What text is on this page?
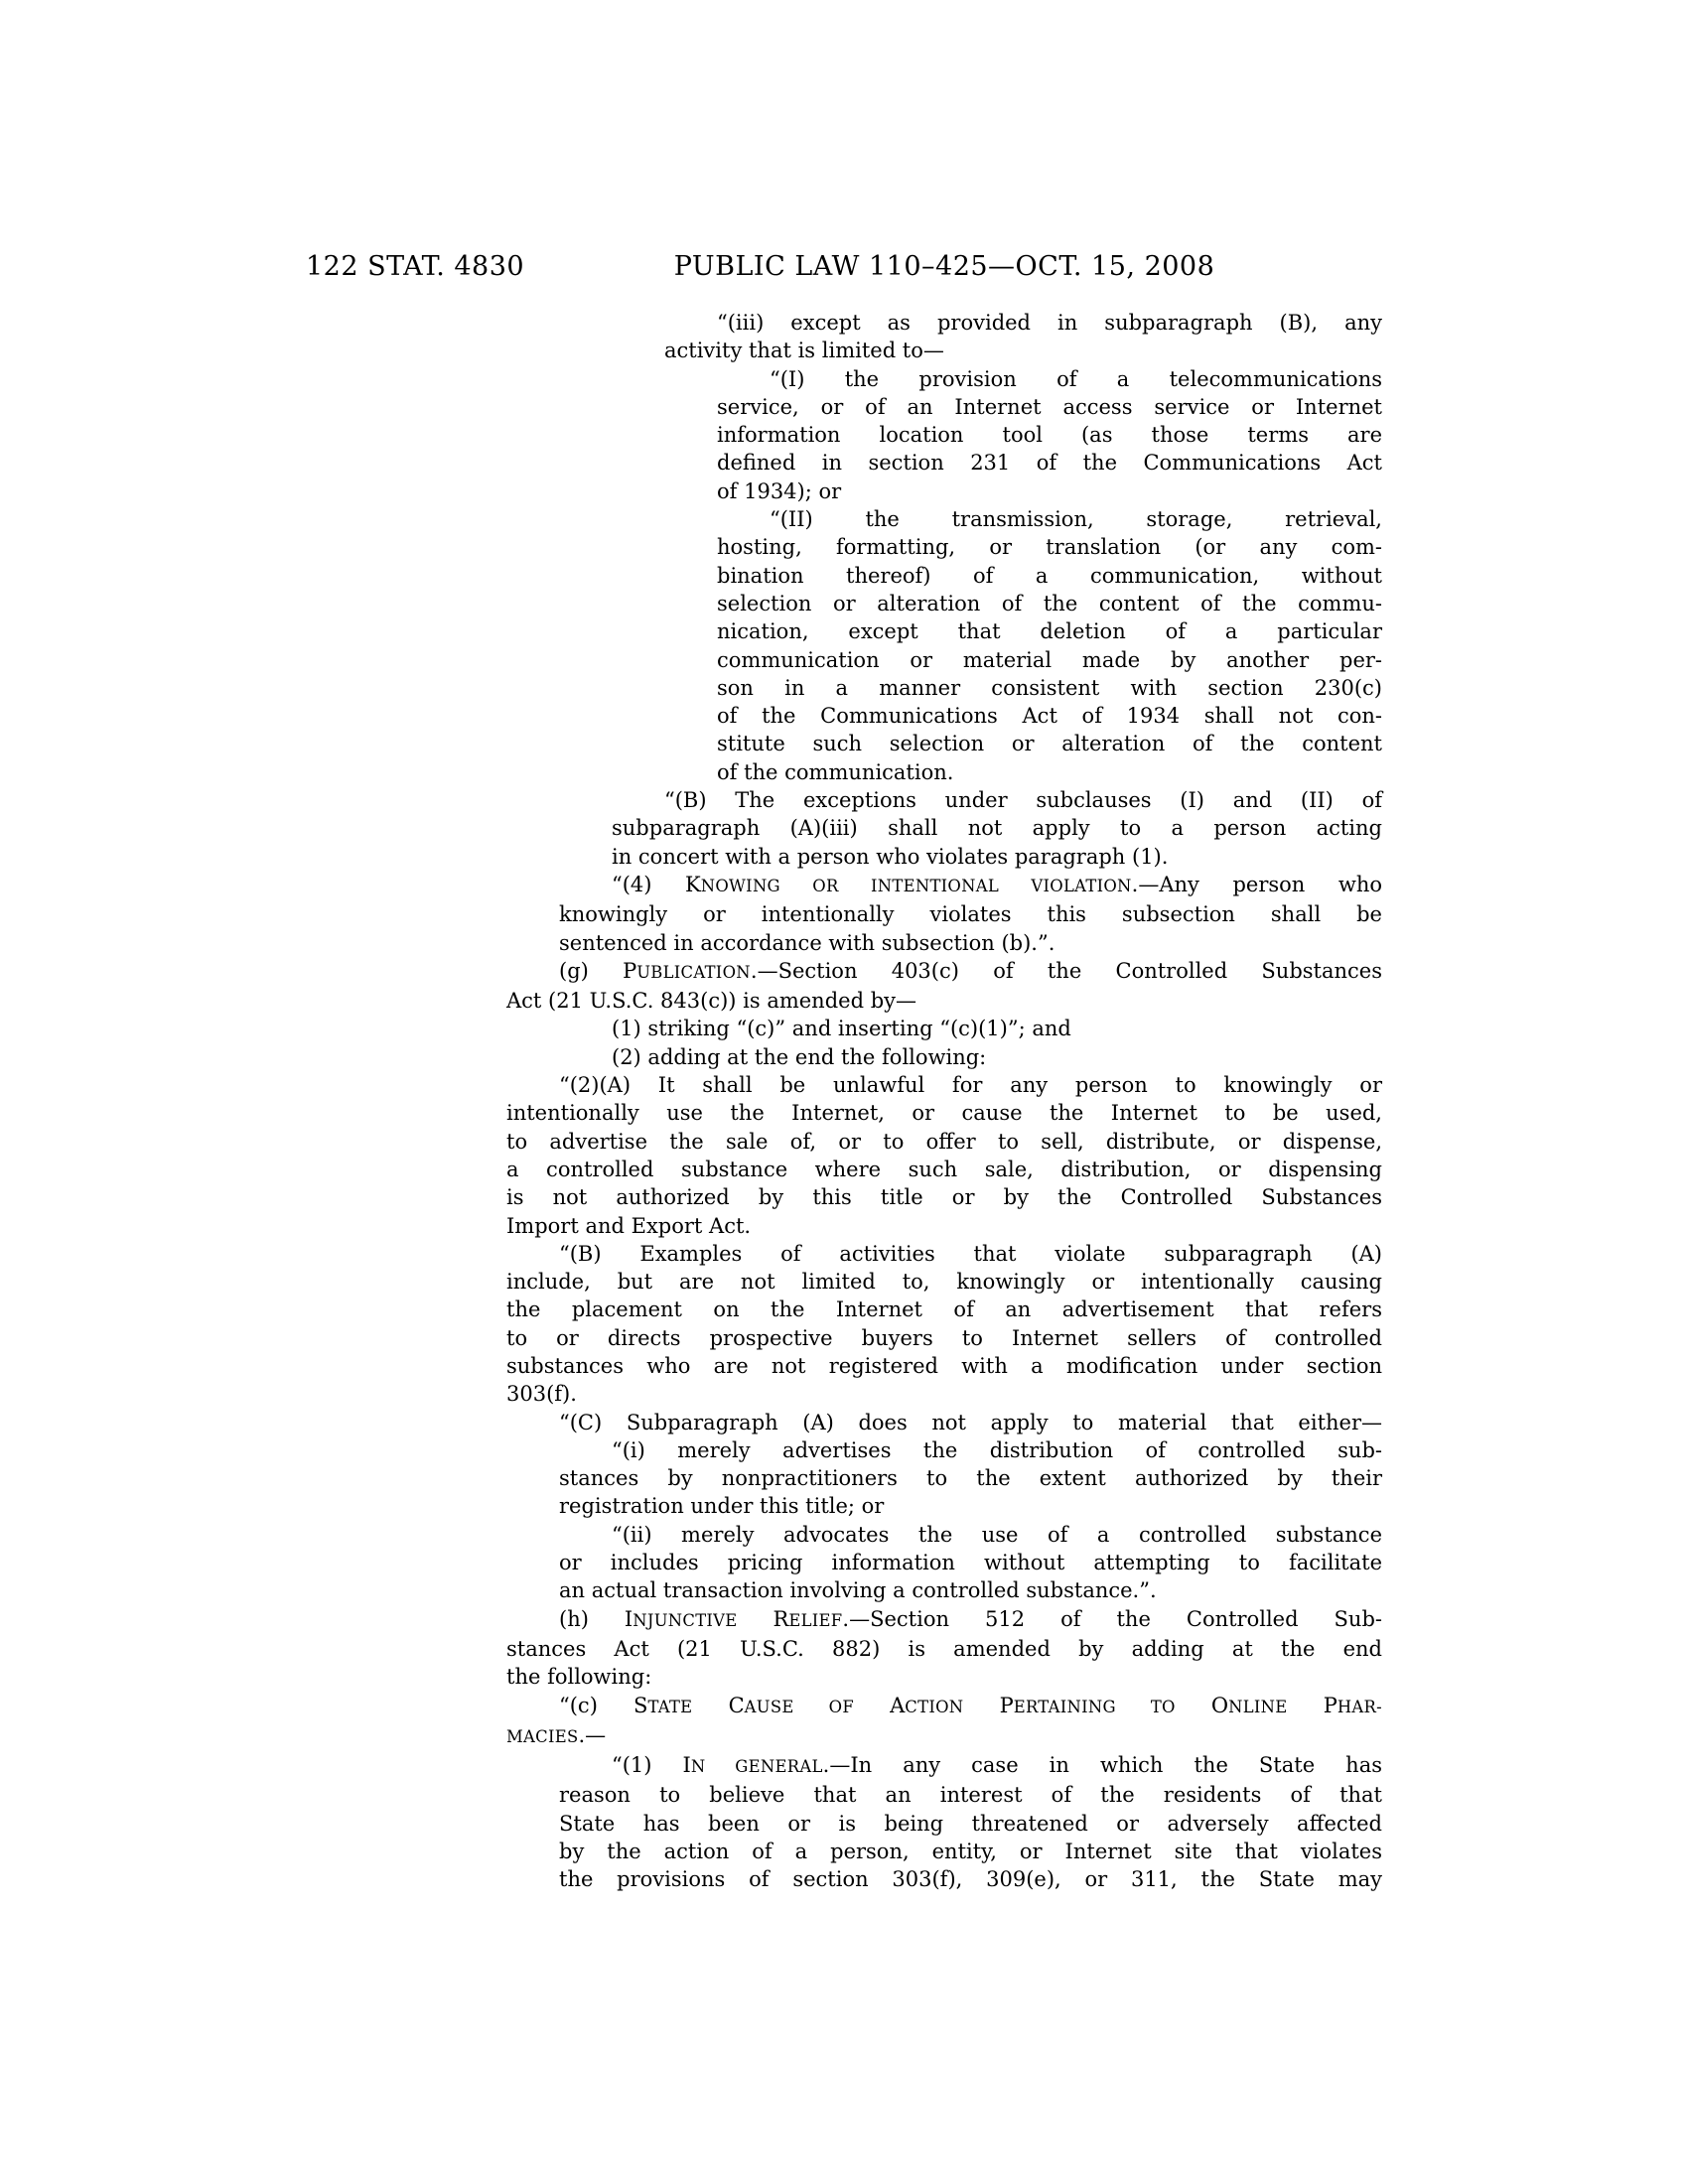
122 STAT. 4830	PUBLIC LAW 110–425—OCT. 15, 2008
“(iii) except as provided in subparagraph (B), any
activity that is limited to—
“(I) the provision of a telecommunications
service, or of an Internet access service or Internet
information location tool (as those terms are
defined in section 231 of the Communications Act
of 1934); or
“(II) the transmission, storage, retrieval,
hosting, formatting, or translation (or any com-
bination thereof) of a communication, without
selection or alteration of the content of the commu-
nication, except that deletion of a particular
communication or material made by another per-
son in a manner consistent with section 230(c)
of the Communications Act of 1934 shall not con-
stitute such selection or alteration of the content
of the communication.
“(B) The exceptions under subclauses (I) and (II) of
subparagraph (A)(iii) shall not apply to a person acting
in concert with a person who violates paragraph (1).
“(4) KNOWING OR INTENTIONAL VIOLATION.—Any person who
knowingly or intentionally violates this subsection shall be
sentenced in accordance with subsection (b).”.
(g) PUBLICATION.—Section 403(c) of the Controlled Substances
Act (21 U.S.C. 843(c)) is amended by—
(1) striking “(c)” and inserting “(c)(1)”; and
(2) adding at the end the following:
“(2)(A) It shall be unlawful for any person to knowingly or
intentionally use the Internet, or cause the Internet to be used,
to advertise the sale of, or to offer to sell, distribute, or dispense,
a controlled substance where such sale, distribution, or dispensing
is not authorized by this title or by the Controlled Substances
Import and Export Act.
“(B) Examples of activities that violate subparagraph (A)
include, but are not limited to, knowingly or intentionally causing
the placement on the Internet of an advertisement that refers
to or directs prospective buyers to Internet sellers of controlled
substances who are not registered with a modification under section
303(f).
“(C) Subparagraph (A) does not apply to material that either—
“(i) merely advertises the distribution of controlled sub-
stances by nonpractitioners to the extent authorized by their
registration under this title; or
“(ii) merely advocates the use of a controlled substance
or includes pricing information without attempting to facilitate
an actual transaction involving a controlled substance.”.
(h) INJUNCTIVE RELIEF.—Section 512 of the Controlled Sub-
stances Act (21 U.S.C. 882) is amended by adding at the end
the following:
“(c) STATE CAUSE OF ACTION PERTAINING TO ONLINE PHAR-
MACIES.—
“(1) IN GENERAL.—In any case in which the State has
reason to believe that an interest of the residents of that
State has been or is being threatened or adversely affected
by the action of a person, entity, or Internet site that violates
the provisions of section 303(f), 309(e), or 311, the State may
